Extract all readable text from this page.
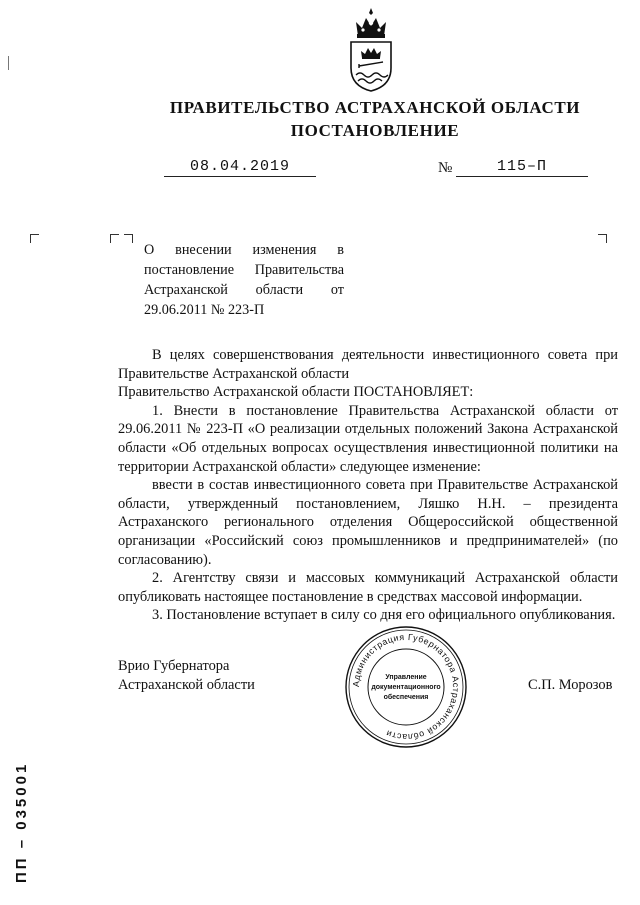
ПРАВИТЕЛЬСТВО АСТРАХАНСКОЙ ОБЛАСТИ
ПОСТАНОВЛЕНИЕ
08.04.2019	№	115–П
О внесении изменения в постановление Правительства Астраханской области от 29.06.2011 № 223-П

В целях совершенствования деятельности инвестиционного совета при Правительстве Астраханской области

Правительство Астраханской области ПОСТАНОВЛЯЕТ:

1. Внести в постановление Правительства Астраханской области от 29.06.2011 № 223-П «О реализации отдельных положений Закона Астраханской области «Об отдельных вопросах осуществления инвестиционной политики на территории Астраханской области» следующее изменение:

ввести в состав инвестиционного совета при Правительстве Астраханской области, утвержденный постановлением, Ляшко Н.Н. – президента Астраханского регионального отделения Общероссийской общественной организации «Российский союз промышленников и предпринимателей» (по согласованию).

2. Агентству связи и массовых коммуникаций Астраханской области опубликовать настоящее постановление в средствах массовой информации.

3. Постановление вступает в силу со дня его официального опубликования.

Врио Губернатора
Астраханской области	С.П. Морозов
Администрация Губернатора Астраханской области
Управление
документационного
обеспечения
ПП – 035001
